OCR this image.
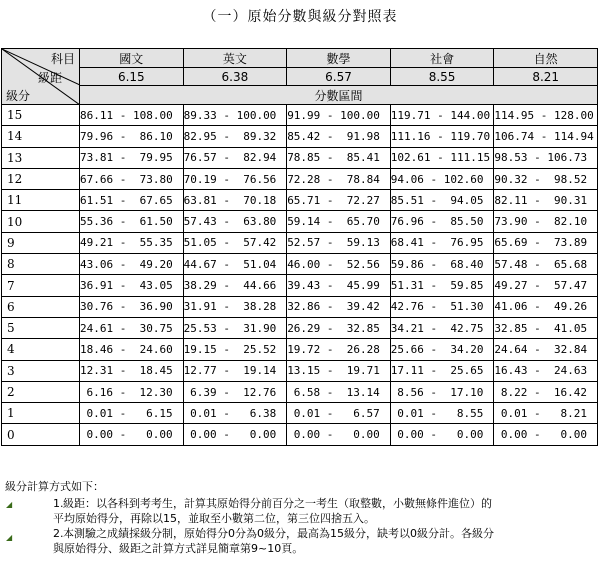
（一）原始分數與級分對照表
科目
級距
級分	國文	英文	數學	社會	自然
	6.15	6.38	6.57	8.55	8.21
	分數區間				
15	86.11 - 108.00	89.33 - 100.00	91.99 - 100.00	119.71 - 144.00	114.95 - 128.00
14	79.96 -  86.10	82.95 -  89.32	85.42 -  91.98	111.16 - 119.70	106.74 - 114.94
13	73.81 -  79.95	76.57 -  82.94	78.85 -  85.41	102.61 - 111.15	98.53 - 106.73
12	67.66 -  73.80	70.19 -  76.56	72.28 -  78.84	94.06 - 102.60	90.32 -  98.52
11	61.51 -  67.65	63.81 -  70.18	65.71 -  72.27	85.51 -  94.05	82.11 -  90.31
10	55.36 -  61.50	57.43 -  63.80	59.14 -  65.70	76.96 -  85.50	73.90 -  82.10
9	49.21 -  55.35	51.05 -  57.42	52.57 -  59.13	68.41 -  76.95	65.69 -  73.89
8	43.06 -  49.20	44.67 -  51.04	46.00 -  52.56	59.86 -  68.40	57.48 -  65.68
7	36.91 -  43.05	38.29 -  44.66	39.43 -  45.99	51.31 -  59.85	49.27 -  57.47
6	30.76 -  36.90	31.91 -  38.28	32.86 -  39.42	42.76 -  51.30	41.06 -  49.26
5	24.61 -  30.75	25.53 -  31.90	26.29 -  32.85	34.21 -  42.75	32.85 -  41.05
4	18.46 -  24.60	19.15 -  25.52	19.72 -  26.28	25.66 -  34.20	24.64 -  32.84
3	12.31 -  18.45	12.77 -  19.14	13.15 -  19.71	17.11 -  25.65	16.43 -  24.63
2	6.16 -  12.30	6.39 -  12.76	6.58 -  13.14	8.56 -  17.10	8.22 -  16.42
1	0.01 -   6.15	0.01 -   6.38	0.01 -   6.57	0.01 -   8.55	0.01 -   8.21
0	0.00 -   0.00	0.00 -   0.00	0.00 -   0.00	0.00 -   0.00	0.00 -   0.00
級分計算方式如下：
◢	1. 級距：以各科到考考生，計算其原始得分前百分之一考生（取整數，小數無條件進位）的
平均原始得分，再除以15，並取至小數第二位，第三位四捨五入。
◢	2. 本測驗之成績採級分制，原始得分0分為0級分，最高為15級分，缺考以0級分計。各級分
與原始得分、級距之計算方式詳見簡章第9~10頁。
